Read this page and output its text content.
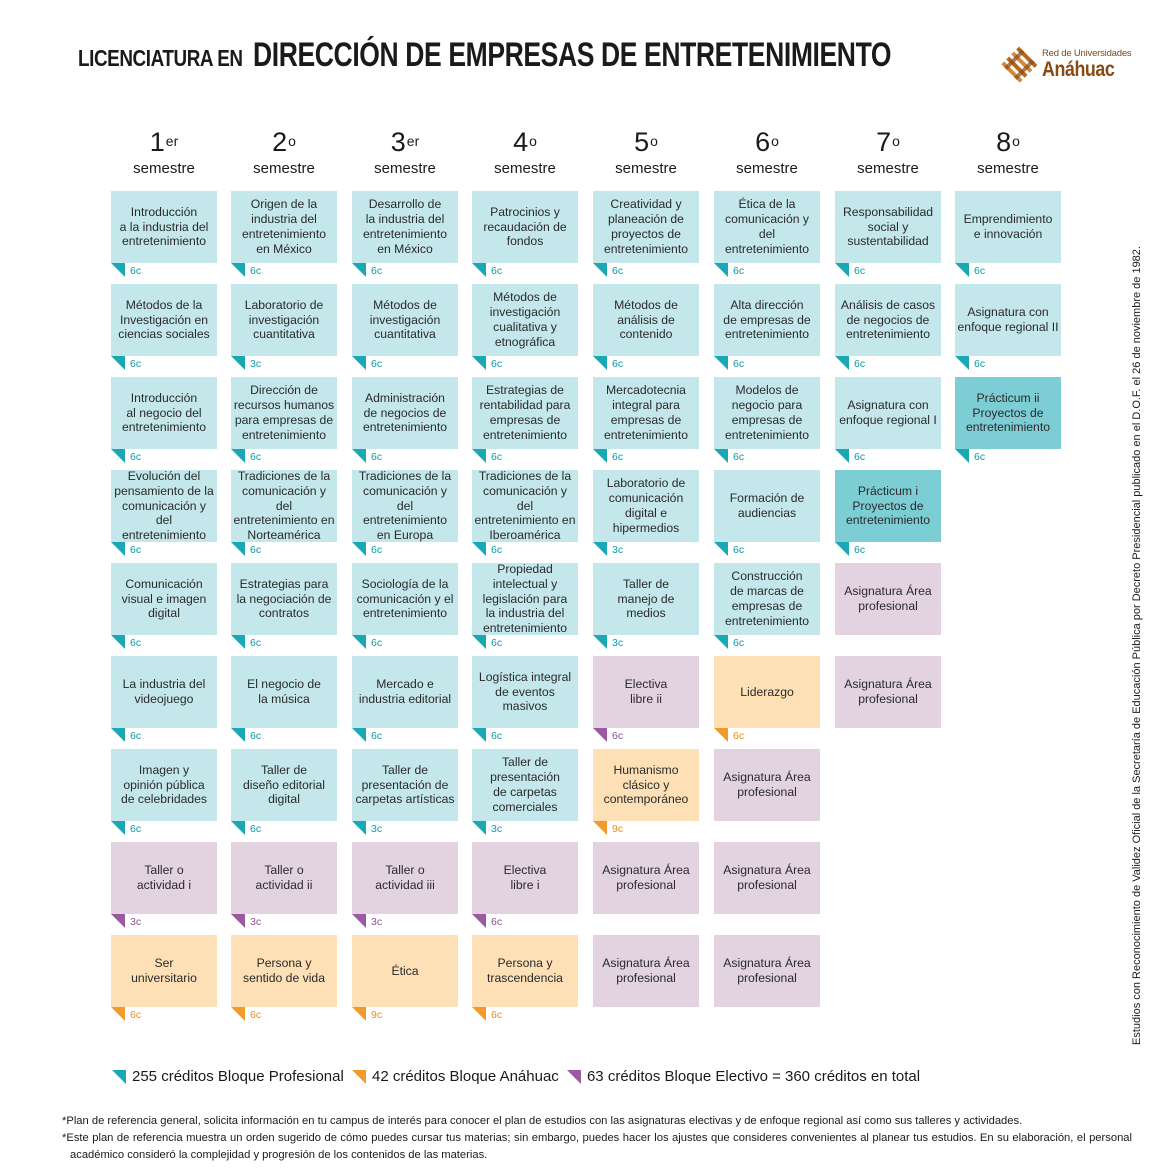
LICENCIATURA EN DIRECCIÓN DE EMPRESAS DE ENTRETENIMIENTO	Red de Universidades
Anáhuac
1er
semestre
2$^o$
semestre
3er
semestre
4$^o$
semestre
5$^o$
semestre
6$^o$
semestre
7$^o$
semestre
8$^o$
semestre
Introducción
a la industria del
entretenimiento
6c
Métodos de la
Investigación en
ciencias sociales
6c
Introducción
al negocio del
entretenimiento
6c
Evolución del
pensamiento de la
comunicación y del
entretenimiento
6c
Comunicación
visual e imagen
digital
6c
La industria del
videojuego
6c
Imagen y
opinión pública
de celebridades
6c
Taller o
actividad i
3c
Ser
universitario
6c
Origen de la
industria del
entretenimiento
en México
6c
Laboratorio de
investigación
cuantitativa
3c
Dirección de
recursos humanos
para empresas de
entretenimiento
6c
Tradiciones de la
comunicación y del
entretenimiento en
Norteamérica
6c
Estrategias para
la negociación de
contratos
6c
El negocio de
la música
6c
Taller de
diseño editorial
digital
6c
Taller o
actividad ii
3c
Persona y
sentido de vida
6c
Desarrollo de
la industria del
entretenimiento
en México
6c
Métodos de
investigación
cuantitativa
6c
Administración
de negocios de
entretenimiento
6c
Tradiciones de la
comunicación y del
entretenimiento
en Europa
6c
Sociología de la
comunicación y el
entretenimiento
6c
Mercado e
industria editorial
6c
Taller de
presentación de
carpetas artísticas
3c
Taller o
actividad iii
3c
Ética
9c
Patrocinios y
recaudación de
fondos
6c
Métodos de
investigación
cualitativa y
etnográfica
6c
Estrategias de
rentabilidad para
empresas de
entretenimiento
6c
Tradiciones de la
comunicación y del
entretenimiento en
Iberoamérica
6c
Propiedad
intelectual y
legislación para
la industria del
entretenimiento
6c
Logística integral
de eventos
masivos
6c
Taller de
presentación
de carpetas
comerciales
3c
Electiva
libre i
6c
Persona y
trascendencia
6c
Creatividad y
planeación de
proyectos de
entretenimiento
6c
Métodos de
análisis de
contenido
6c
Mercadotecnia
integral para
empresas de
entretenimiento
6c
Laboratorio de
comunicación
digital e
hipermedios
3c
Taller de
manejo de
medios
3c
Electiva
libre ii
6c
Humanismo
clásico y
contemporáneo
9c
Asignatura Área
profesional
Asignatura Área
profesional
Ética de la
comunicación y del
entretenimiento
6c
Alta dirección
de empresas de
entretenimiento
6c
Modelos de
negocio para
empresas de
entretenimiento
6c
Formación de
audiencias
6c
Construcción
de marcas de
empresas de
entretenimiento
6c
Liderazgo
6c
Asignatura Área
profesional
Asignatura Área
profesional
Asignatura Área
profesional
Responsabilidad
social y
sustentabilidad
6c
Análisis de casos
de negocios de
entretenimiento
6c
Asignatura con
enfoque regional I
6c
Prácticum i
Proyectos de
entretenimiento
6c
Asignatura Área
profesional
Asignatura Área
profesional
Emprendimiento
e innovación
6c
Asignatura con
enfoque regional II
6c
Prácticum ii
Proyectos de
entretenimiento
6c
255 créditos Bloque Profesional 42 créditos Bloque Anáhuac 63 créditos Bloque Electivo = 360 créditos en total

*Plan de referencia general, solicita información en tu campus de interés para conocer el plan de estudios con las asignaturas electivas y de enfoque regional así como sus talleres y actividades.

*Este plan de referencia muestra un orden sugerido de cómo puedes cursar tus materias; sin embargo, puedes hacer los ajustes que consideres convenientes al planear tus estudios. En su elaboración, el personal académico consideró la complejidad y progresión de los contenidos de las materias.

Estudios con Reconocimiento de Validez Oficial de la Secretaría de Educación Pública por Decreto Presidencial publicado en el D.O.F. el 26 de noviembre de 1982.
